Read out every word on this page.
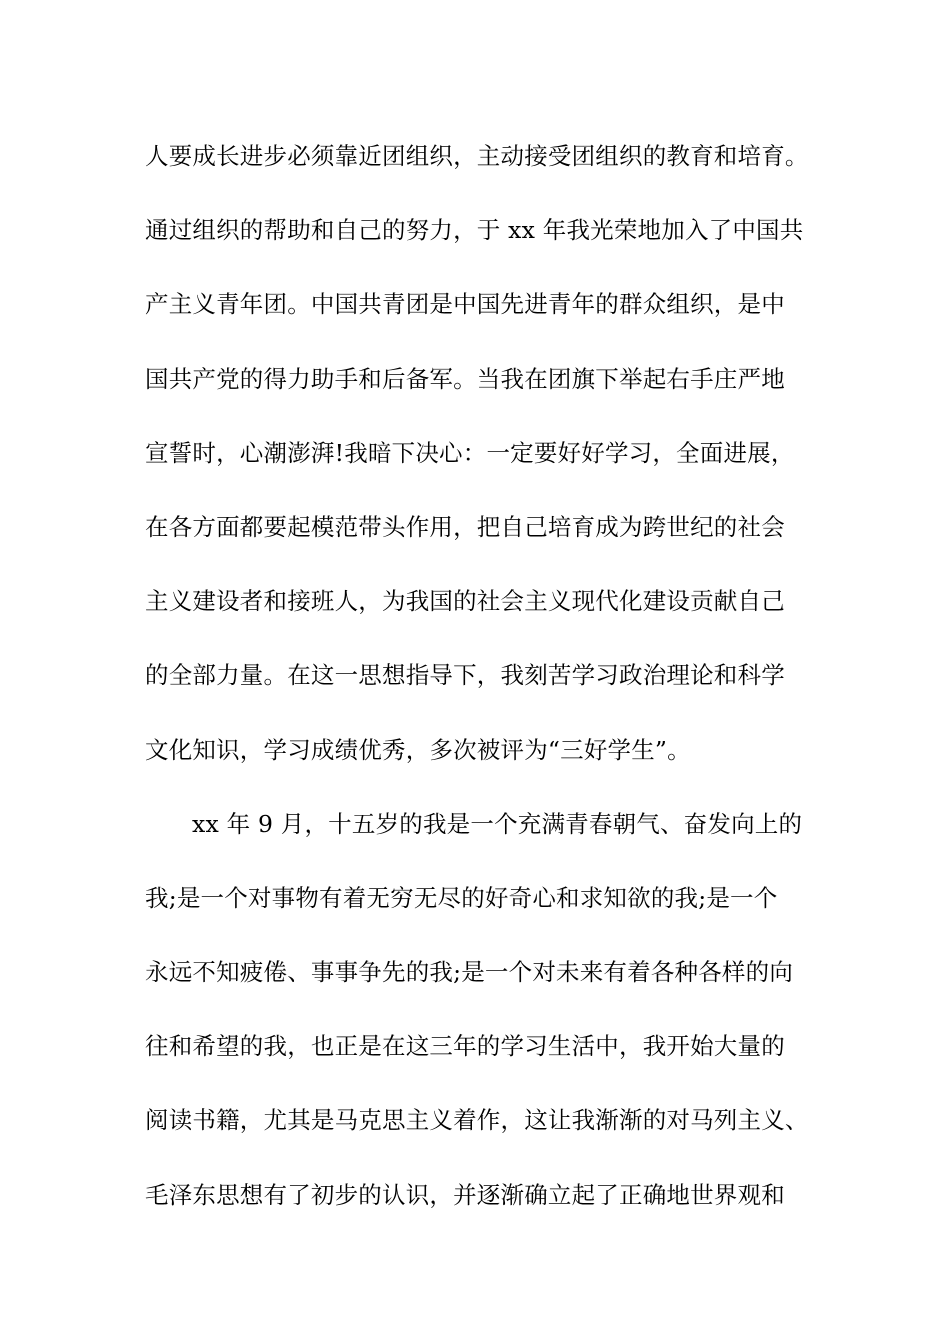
人要成长进步必须靠近团组织，主动接受团组织的教育和培育。
通过组织的帮助和自己的努力，于 xx 年我光荣地加入了中国共
产主义青年团。中国共青团是中国先进青年的群众组织，是中
国共产党的得力助手和后备军。当我在团旗下举起右手庄严地
宣誓时，心潮澎湃!我暗下决心：一定要好好学习，全面进展，
在各方面都要起模范带头作用，把自己培育成为跨世纪的社会
主义建设者和接班人，为我国的社会主义现代化建设贡献自己
的全部力量。在这一思想指导下，我刻苦学习政治理论和科学
文化知识，学习成绩优秀，多次被评为“三好学生”。
xx 年 9 月，十五岁的我是一个充满青春朝气、奋发向上的
我;是一个对事物有着无穷无尽的好奇心和求知欲的我;是一个
永远不知疲倦、事事争先的我;是一个对未来有着各种各样的向
往和希望的我，也正是在这三年的学习生活中，我开始大量的
阅读书籍，尤其是马克思主义着作，这让我渐渐的对马列主义、
毛泽东思想有了初步的认识，并逐渐确立起了正确地世界观和
